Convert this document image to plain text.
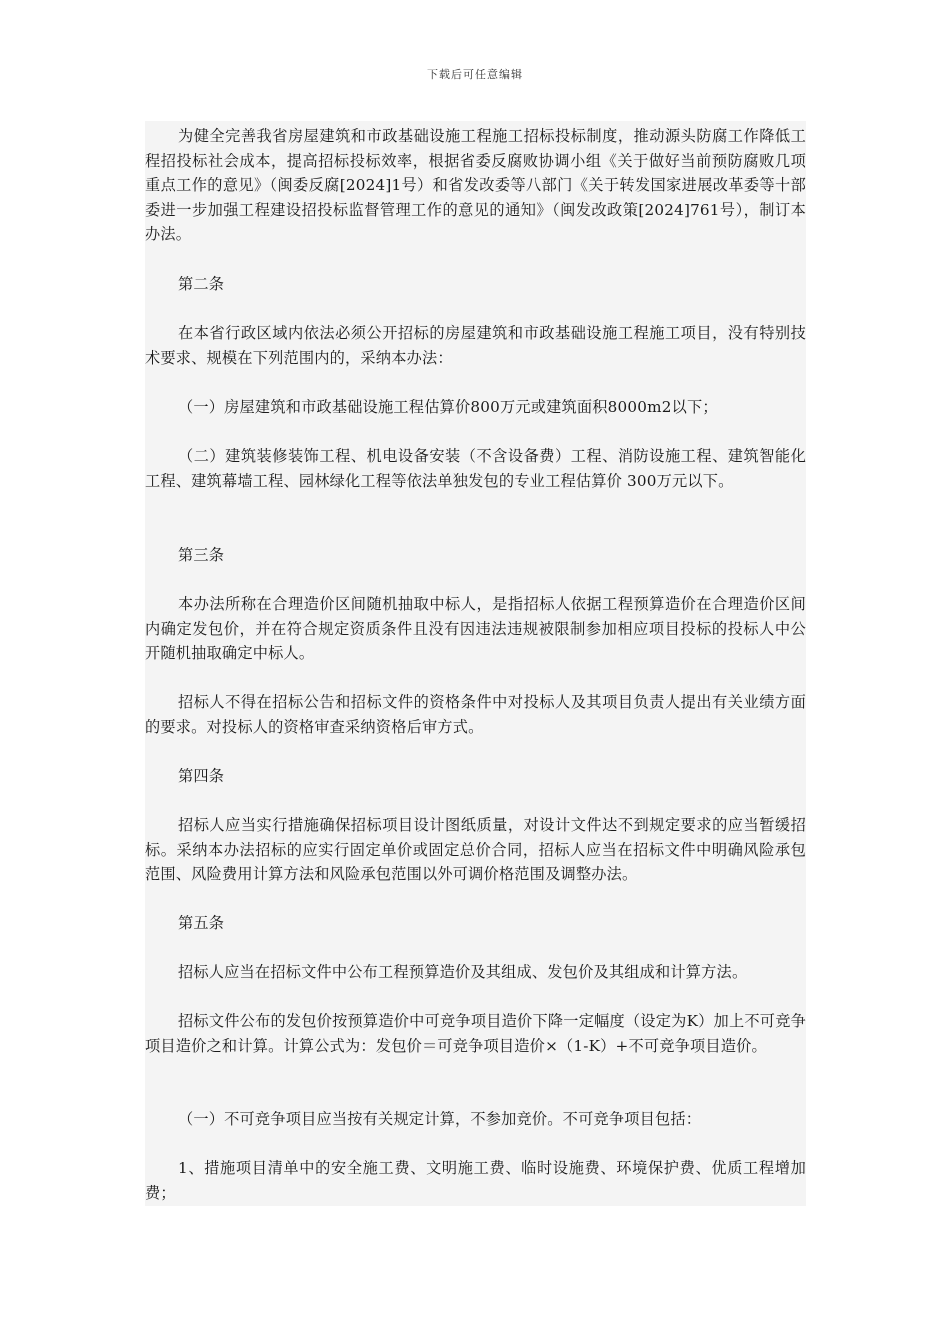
下载后可任意编辑

为健全完善我省房屋建筑和市政基础设施工程施工招标投标制度，推动源头防腐工作降低工程招投标社会成本，提高招标投标效率，根据省委反腐败协调小组《关于做好当前预防腐败几项重点工作的意见》（闽委反腐[2024]1号）和省发改委等八部门《关于转发国家进展改革委等十部委进一步加强工程建设招投标监督管理工作的意见的通知》（闽发改政策[2024]761号），制订本办法。

第二条

在本省行政区域内依法必须公开招标的房屋建筑和市政基础设施工程施工项目，没有特别技术要求、规模在下列范围内的，采纳本办法：

（一）房屋建筑和市政基础设施工程估算价800万元或建筑面积8000m2以下；

（二）建筑装修装饰工程、机电设备安装（不含设备费）工程、消防设施工程、建筑智能化工程、建筑幕墙工程、园林绿化工程等依法单独发包的专业工程估算价 300万元以下。

第三条

本办法所称在合理造价区间随机抽取中标人，是指招标人依据工程预算造价在合理造价区间内确定发包价，并在符合规定资质条件且没有因违法违规被限制参加相应项目投标的投标人中公开随机抽取确定中标人。

招标人不得在招标公告和招标文件的资格条件中对投标人及其项目负责人提出有关业绩方面的要求。对投标人的资格审查采纳资格后审方式。

第四条

招标人应当实行措施确保招标项目设计图纸质量，对设计文件达不到规定要求的应当暂缓招标。采纳本办法招标的应实行固定单价或固定总价合同，招标人应当在招标文件中明确风险承包范围、风险费用计算方法和风险承包范围以外可调价格范围及调整办法。

第五条

招标人应当在招标文件中公布工程预算造价及其组成、发包价及其组成和计算方法。

招标文件公布的发包价按预算造价中可竞争项目造价下降一定幅度（设定为K）加上不可竞争项目造价之和计算。计算公式为：发包价＝可竞争项目造价×（1-K）+不可竞争项目造价。

（一）不可竞争项目应当按有关规定计算，不参加竞价。不可竞争项目包括：

1、措施项目清单中的安全施工费、文明施工费、临时设施费、环境保护费、优质工程增加费；
